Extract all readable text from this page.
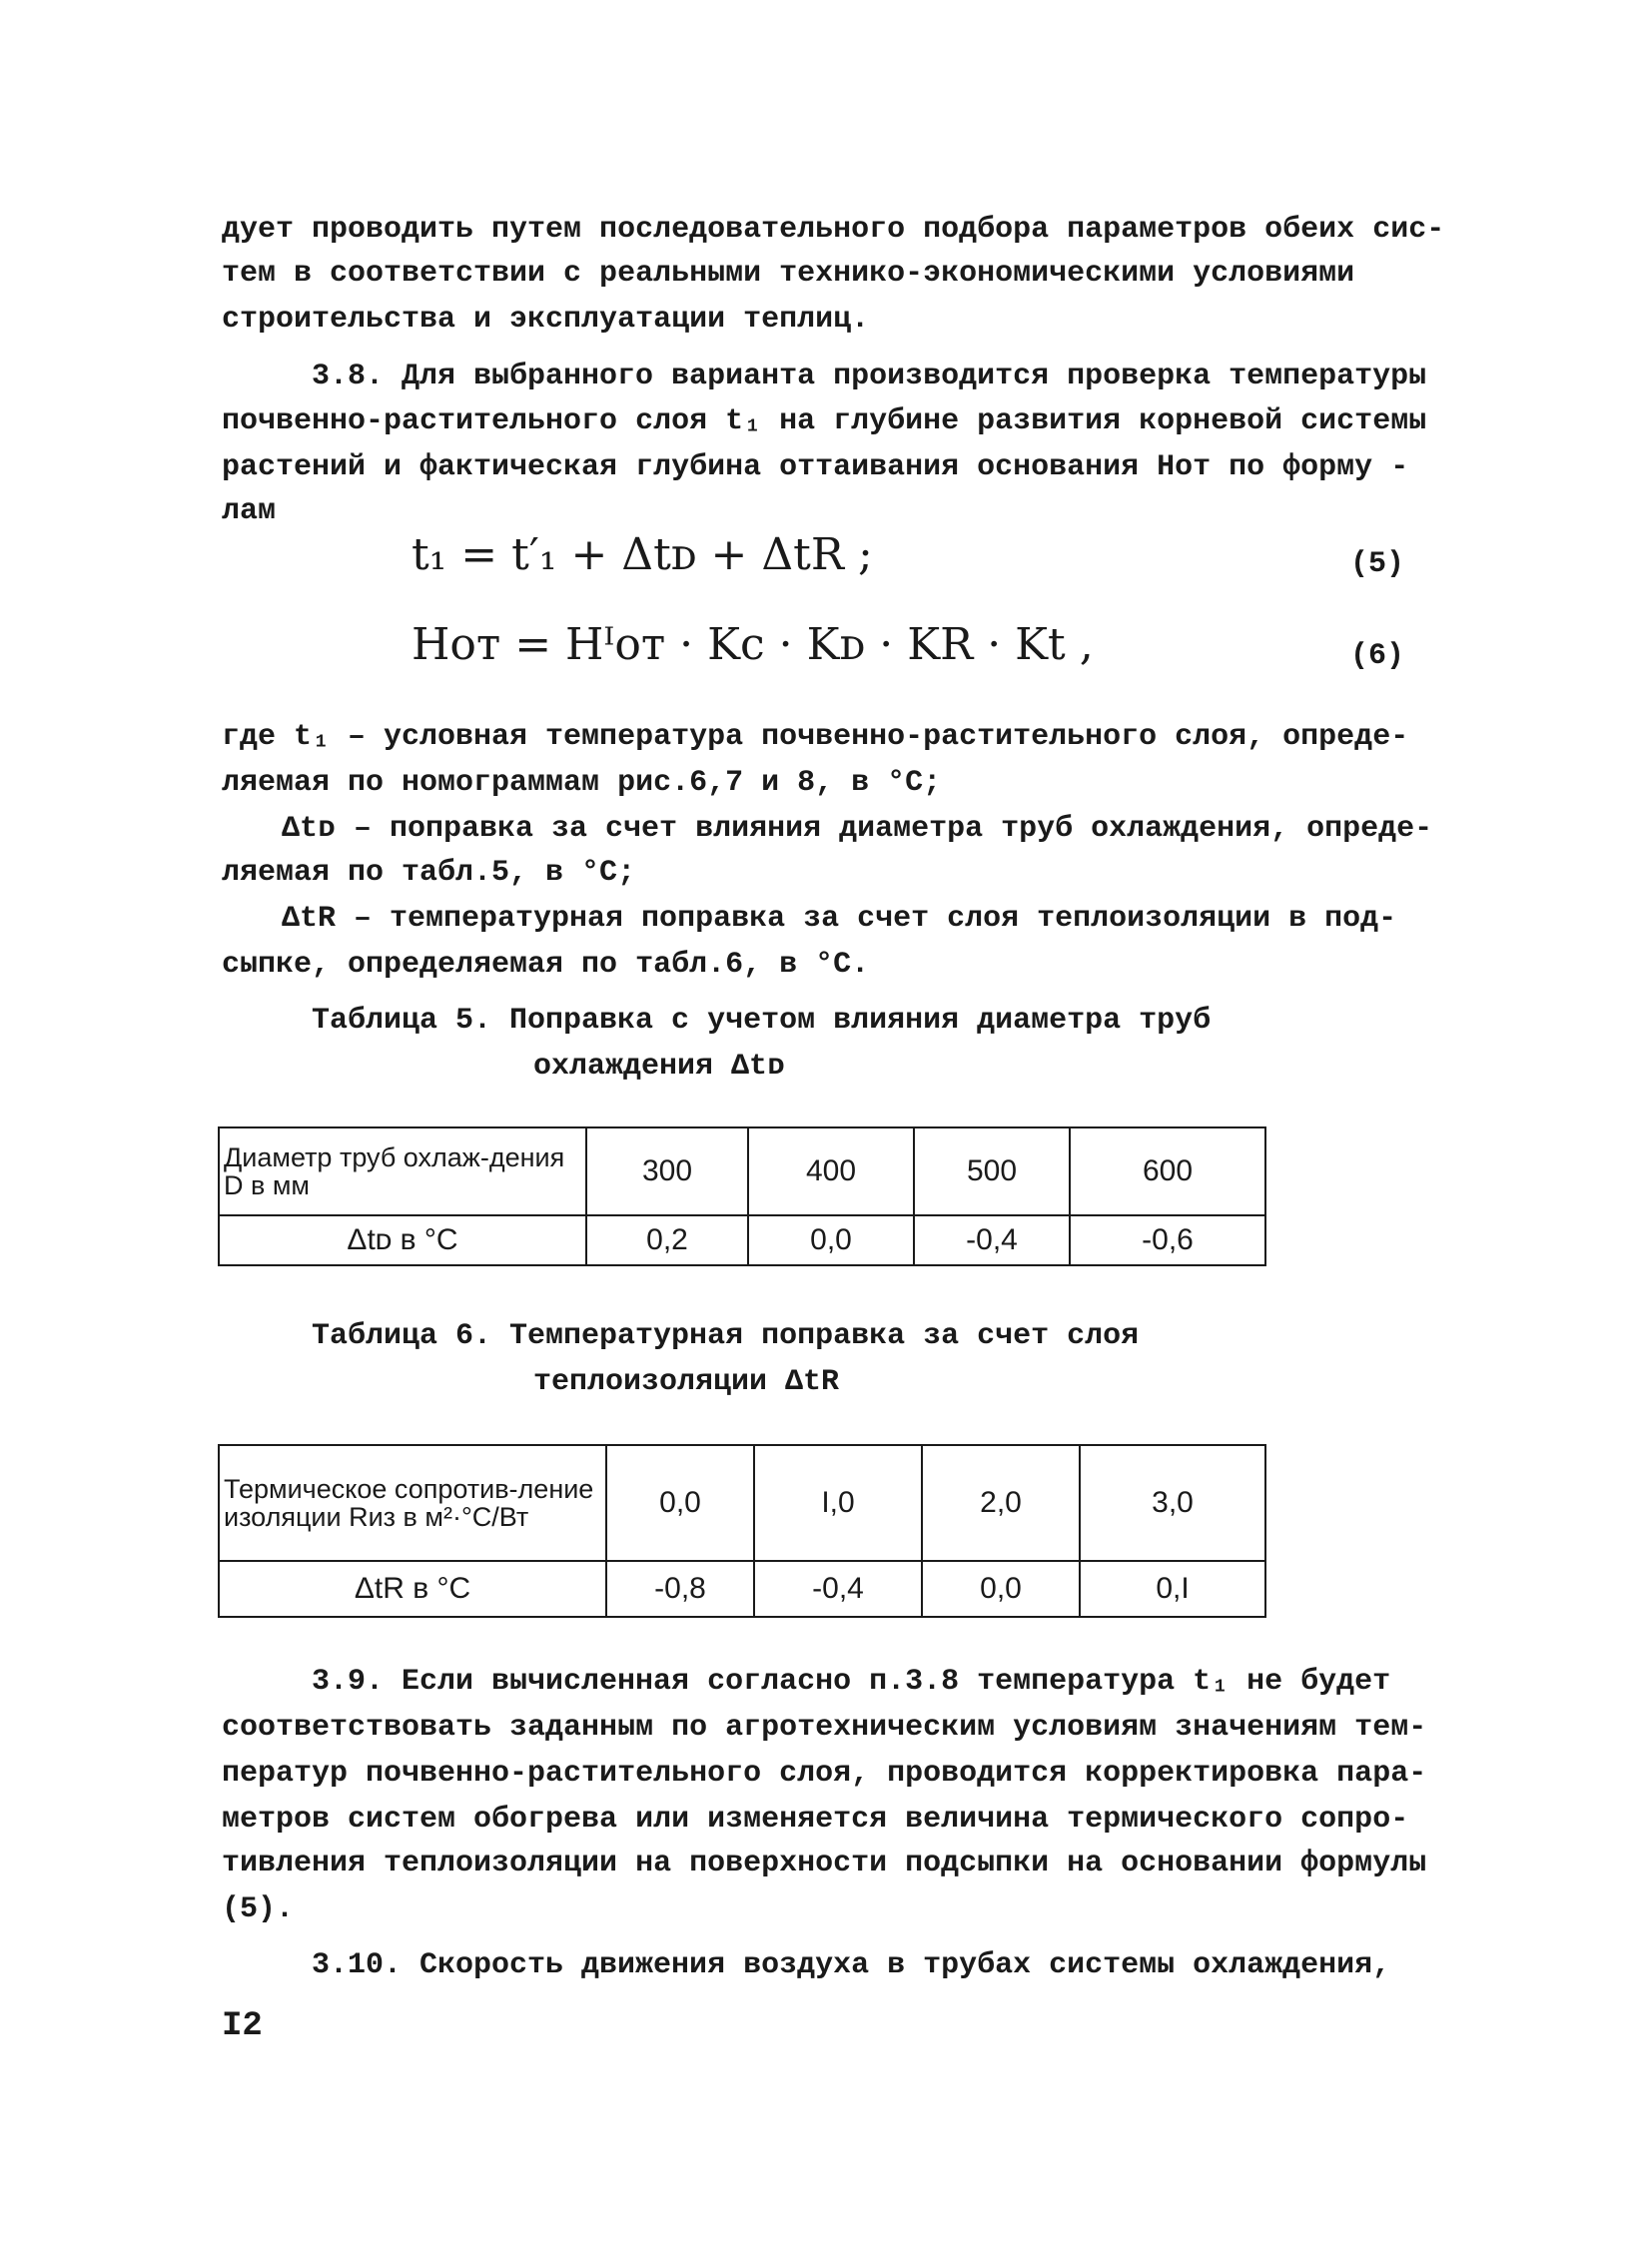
дует проводить путем последовательного подбора параметров обеих сис-
тем в соответствии с реальными технико-экономическими условиями
строительства и эксплуатации теплиц.
3.8. Для выбранного варианта производится проверка температуры
почвенно-растительного слоя t₁ на глубине развития корневой системы
растений и фактическая глубина оттаивания основания Hот по форму -
лам
t₁ = t′₁ + Δtᴅ + ΔtR ;	(5)
Hот = Hᴵот · Kc · Kᴅ · KR · Kt ,	(6)
где t₁ – условная температура почвенно-растительного слоя, опреде-
ляемая по номограммам рис.6,7 и 8, в °C;
Δtᴅ – поправка за счет влияния диаметра труб охлаждения, опреде-
ляемая по табл.5, в °C;
ΔtR – температурная поправка за счет слоя теплоизоляции в под-
сыпке, определяемая по табл.6, в °C.
Таблица 5. Поправка с учетом влияния диаметра труб
охлаждения Δtᴅ
Диаметр труб охлаж-дения D в мм	300	400	500	600
Δtᴅ в °C	0,2	0,0	-0,4	-0,6
Таблица 6. Температурная поправка за счет слоя
теплоизоляции ΔtR
Термическое сопротив-ление изоляции Rиз в м²·°C/Вт	0,0	I,0	2,0	3,0
ΔtR в °C	-0,8	-0,4	0,0	0,I
3.9. Если вычисленная согласно п.3.8 температура t₁ не будет
соответствовать заданным по агротехническим условиям значениям тем-
ператур почвенно-растительного слоя, проводится корректировка пара-
метров систем обогрева или изменяется величина термического сопро-
тивления теплоизоляции на поверхности подсыпки на основании формулы
(5).
3.10. Скорость движения воздуха в трубах системы охлаждения,
I2
